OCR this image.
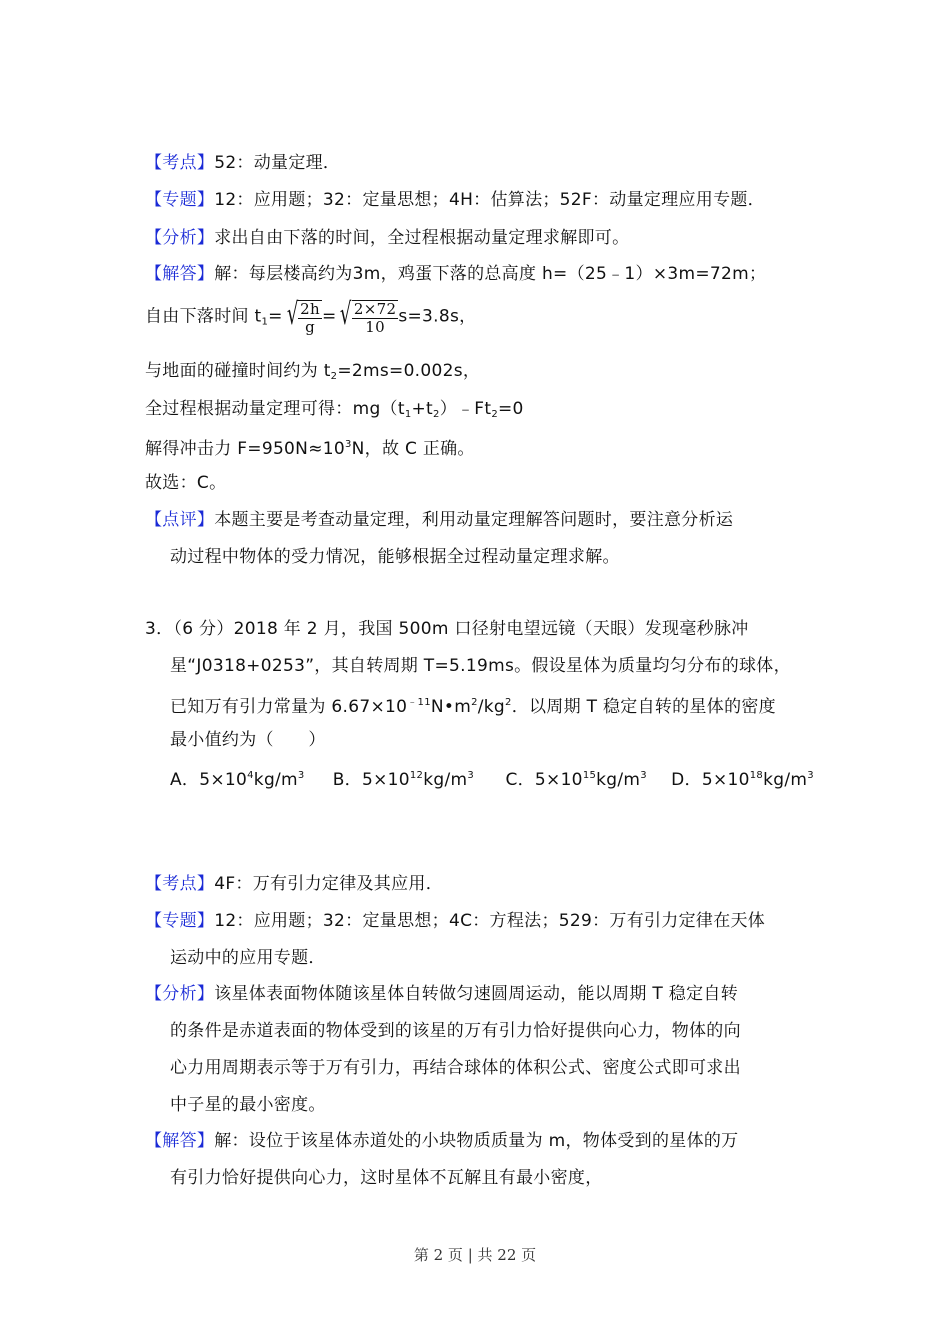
【考点】52：动量定理．
【专题】12：应用题；32：定量思想；4H：估算法；52F：动量定理应用专题．
【分析】求出自由下落的时间，全过程根据动量定理求解即可。
【解答】解：每层楼高约为3m，鸡蛋下落的总高度 h=（25﹣1）×3m=72m；
自由下落时间 $t_1=$ √ $\frac{2h}{g}$ = √ $\frac{2\times 72}{10} s=3.8s$，
与地面的碰撞时间约为 $t_2=2ms=0.002s$，
全过程根据动量定理可得：$mg(t_1+t_2)﹣Ft_2=0$
解得冲击力 $F=950N\approx 10^3N$，故 C 正确。
故选：C。
【点评】本题主要是考查动量定理，利用动量定理解答问题时，要注意分析运
动过程中物体的受力情况，能够根据全过程动量定理求解。
3．（6 分）2018 年 2 月，我国 500m 口径射电望远镜（天眼）发现毫秒脉冲
星“J0318+0253”，其自转周期 T=5.19ms。假设星体为质量均匀分布的球体，
已知万有引力常量为 $6.67\times 10^{﹣11}N•m^2/kg^2$．以周期 T 稳定自转的星体的密度
最小值约为（　　）
A．$5\times 10^4kg/m^3$ B．$5\times 10^{12}kg/m^3$ C．$5\times 10^{15}kg/m^3$ D．$5\times 10^{18}kg/m^3$
【考点】4F：万有引力定律及其应用．
【专题】12：应用题；32：定量思想；4C：方程法；529：万有引力定律在天体
运动中的应用专题．
【分析】该星体表面物体随该星体自转做匀速圆周运动，能以周期 T 稳定自转
的条件是赤道表面的物体受到的该星的万有引力恰好提供向心力，物体的向
心力用周期表示等于万有引力，再结合球体的体积公式、密度公式即可求出
中子星的最小密度。
【解答】解：设位于该星体赤道处的小块物质质量为 m，物体受到的星体的万
有引力恰好提供向心力，这时星体不瓦解且有最小密度，
第 2 页 | 共 22 页
